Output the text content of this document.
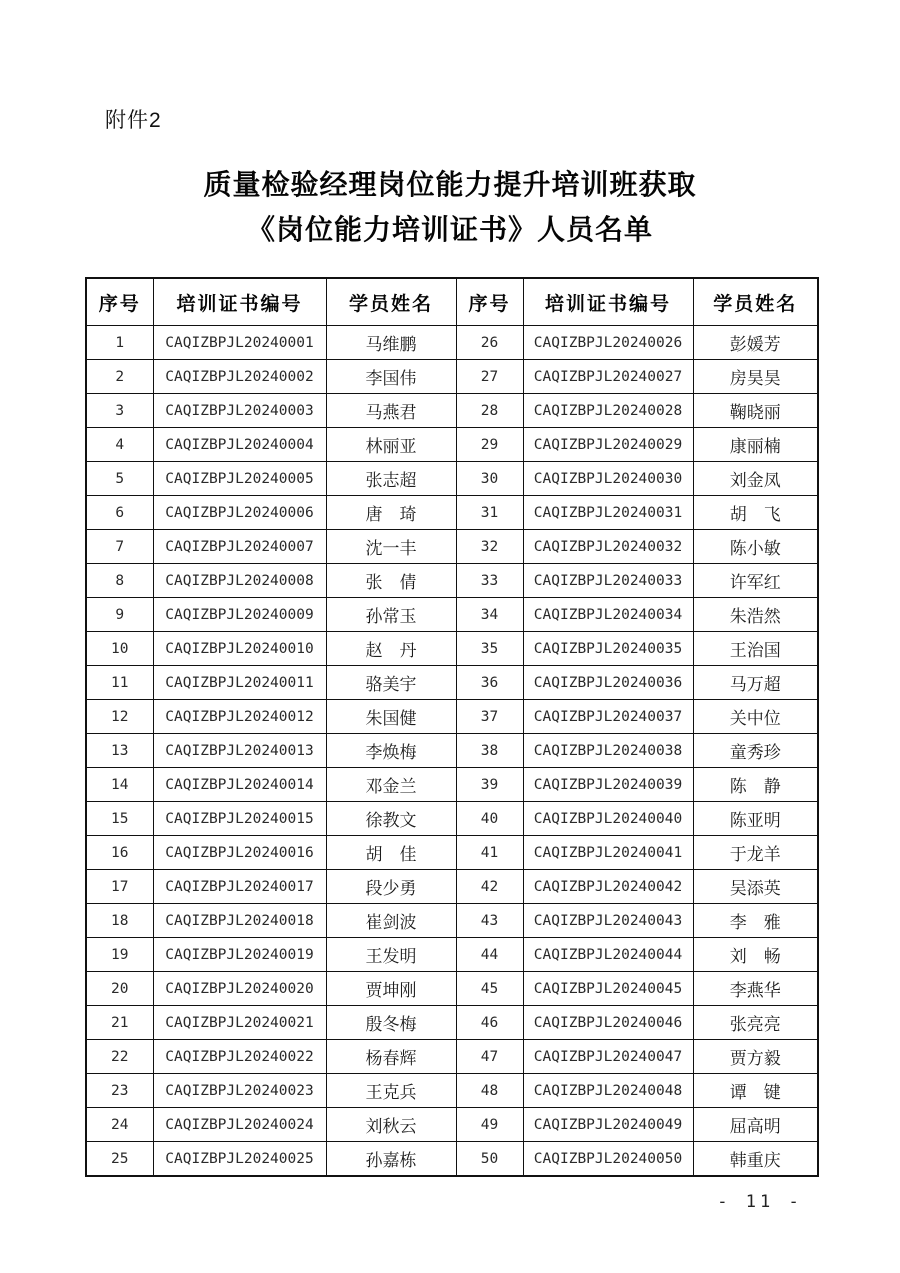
附件2
质量检验经理岗位能力提升培训班获取
《岗位能力培训证书》人员名单
序号	培训证书编号	学员姓名	序号	培训证书编号	学员姓名
1	CAQIZBPJL20240001	马维鹏	26	CAQIZBPJL20240026	彭媛芳
2	CAQIZBPJL20240002	李国伟	27	CAQIZBPJL20240027	房昊昊
3	CAQIZBPJL20240003	马燕君	28	CAQIZBPJL20240028	鞠晓丽
4	CAQIZBPJL20240004	林丽亚	29	CAQIZBPJL20240029	康丽楠
5	CAQIZBPJL20240005	张志超	30	CAQIZBPJL20240030	刘金凤
6	CAQIZBPJL20240006	唐　琦	31	CAQIZBPJL20240031	胡　飞
7	CAQIZBPJL20240007	沈一丰	32	CAQIZBPJL20240032	陈小敏
8	CAQIZBPJL20240008	张　倩	33	CAQIZBPJL20240033	许军红
9	CAQIZBPJL20240009	孙常玉	34	CAQIZBPJL20240034	朱浩然
10	CAQIZBPJL20240010	赵　丹	35	CAQIZBPJL20240035	王治国
11	CAQIZBPJL20240011	骆美宇	36	CAQIZBPJL20240036	马万超
12	CAQIZBPJL20240012	朱国健	37	CAQIZBPJL20240037	关中位
13	CAQIZBPJL20240013	李焕梅	38	CAQIZBPJL20240038	童秀珍
14	CAQIZBPJL20240014	邓金兰	39	CAQIZBPJL20240039	陈　静
15	CAQIZBPJL20240015	徐教文	40	CAQIZBPJL20240040	陈亚明
16	CAQIZBPJL20240016	胡　佳	41	CAQIZBPJL20240041	于龙羊
17	CAQIZBPJL20240017	段少勇	42	CAQIZBPJL20240042	吴添英
18	CAQIZBPJL20240018	崔剑波	43	CAQIZBPJL20240043	李　雅
19	CAQIZBPJL20240019	王发明	44	CAQIZBPJL20240044	刘　畅
20	CAQIZBPJL20240020	贾坤刚	45	CAQIZBPJL20240045	李燕华
21	CAQIZBPJL20240021	殷冬梅	46	CAQIZBPJL20240046	张亮亮
22	CAQIZBPJL20240022	杨春辉	47	CAQIZBPJL20240047	贾方毅
23	CAQIZBPJL20240023	王克兵	48	CAQIZBPJL20240048	谭　键
24	CAQIZBPJL20240024	刘秋云	49	CAQIZBPJL20240049	屈高明
25	CAQIZBPJL20240025	孙嘉栋	50	CAQIZBPJL20240050	韩重庆
- 11 -
